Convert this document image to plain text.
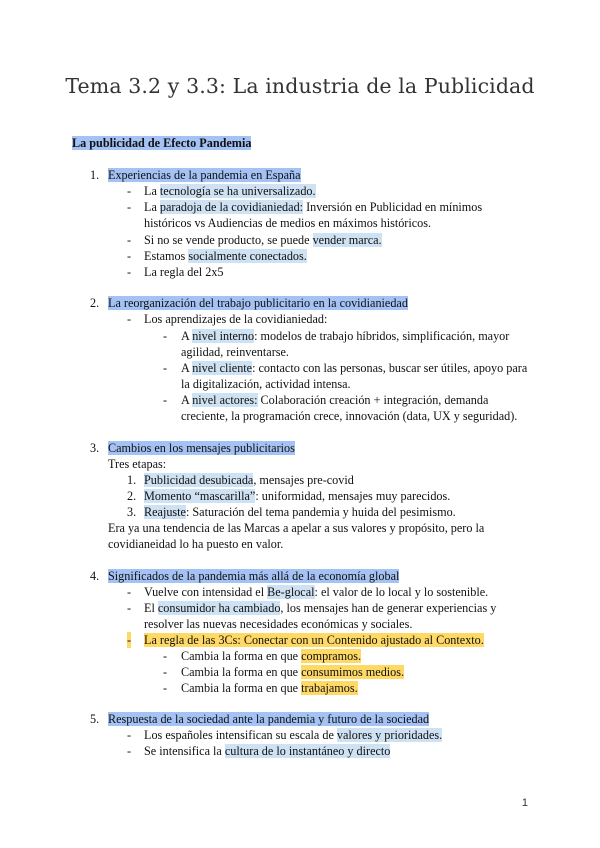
Tema 3.2 y 3.3: La industria de la Publicidad
La publicidad de Efecto Pandemia
1. Experiencias de la pandemia en España
- La tecnología se ha universalizado.
- La paradoja de la covidianiedad: Inversión en Publicidad en mínimos
históricos vs Audiencias de medios en máximos históricos.
- Si no se vende producto, se puede vender marca.
- Estamos socialmente conectados.
- La regla del 2x5
2. La reorganización del trabajo publicitario en la covidianiedad
- Los aprendizajes de la covidianiedad:
- A nivel interno: modelos de trabajo híbridos, simplificación, mayor
agilidad, reinventarse.
- A nivel cliente: contacto con las personas, buscar ser útiles, apoyo para
la digitalización, actividad intensa.
- A nivel actores: Colaboración creación + integración, demanda
creciente, la programación crece, innovación (data, UX y seguridad).
3. Cambios en los mensajes publicitarios
Tres etapas:
1. Publicidad desubicada, mensajes pre-covid
2. Momento “mascarilla”: uniformidad, mensajes muy parecidos.
3. Reajuste: Saturación del tema pandemia y huida del pesimismo.
Era ya una tendencia de las Marcas a apelar a sus valores y propósito, pero la
covidianeidad lo ha puesto en valor.
4. Significados de la pandemia más allá de la economía global
- Vuelve con intensidad el Be-glocal: el valor de lo local y lo sostenible.
- El consumidor ha cambiado, los mensajes han de generar experiencias y
resolver las nuevas necesidades económicas y sociales.
- La regla de las 3Cs: Conectar con un Contenido ajustado al Contexto.
- Cambia la forma en que compramos.
- Cambia la forma en que consumimos medios.
- Cambia la forma en que trabajamos.
5. Respuesta de la sociedad ante la pandemia y futuro de la sociedad
- Los españoles intensifican su escala de valores y prioridades.
- Se intensifica la cultura de lo instantáneo y directo
1
